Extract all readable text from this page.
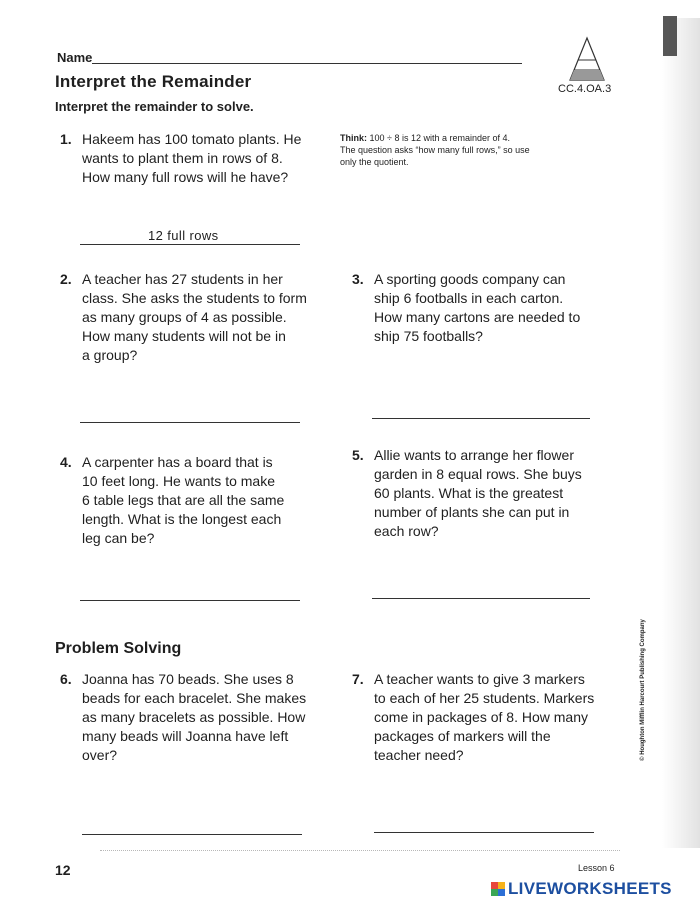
Name
Interpret the Remainder
Interpret the remainder to solve.
CC.4.OA.3
1. Hakeem has 100 tomato plants. He
wants to plant them in rows of 8.
How many full rows will he have?
Think: 100 ÷ 8 is 12 with a remainder of 4.
The question asks “how many full rows,” so use
only the quotient.
12 full rows
2. A teacher has 27 students in her
class. She asks the students to form
as many groups of 4 as possible.
How many students will not be in
a group?
3. A sporting goods company can
ship 6 footballs in each carton.
How many cartons are needed to
ship 75 footballs?
4. A carpenter has a board that is
10 feet long. He wants to make
6 table legs that are all the same
length. What is the longest each
leg can be?
5. Allie wants to arrange her flower
garden in 8 equal rows. She buys
60 plants. What is the greatest
number of plants she can put in
each row?
Problem Solving
6. Joanna has 70 beads. She uses 8
beads for each bracelet. She makes
as many bracelets as possible. How
many beads will Joanna have left
over?
7. A teacher wants to give 3 markers
to each of her 25 students. Markers
come in packages of 8. How many
packages of markers will the
teacher need?	© Houghton Mifflin Harcourt Publishing Company
12	Lesson 6
LIVEWORKSHEETS
